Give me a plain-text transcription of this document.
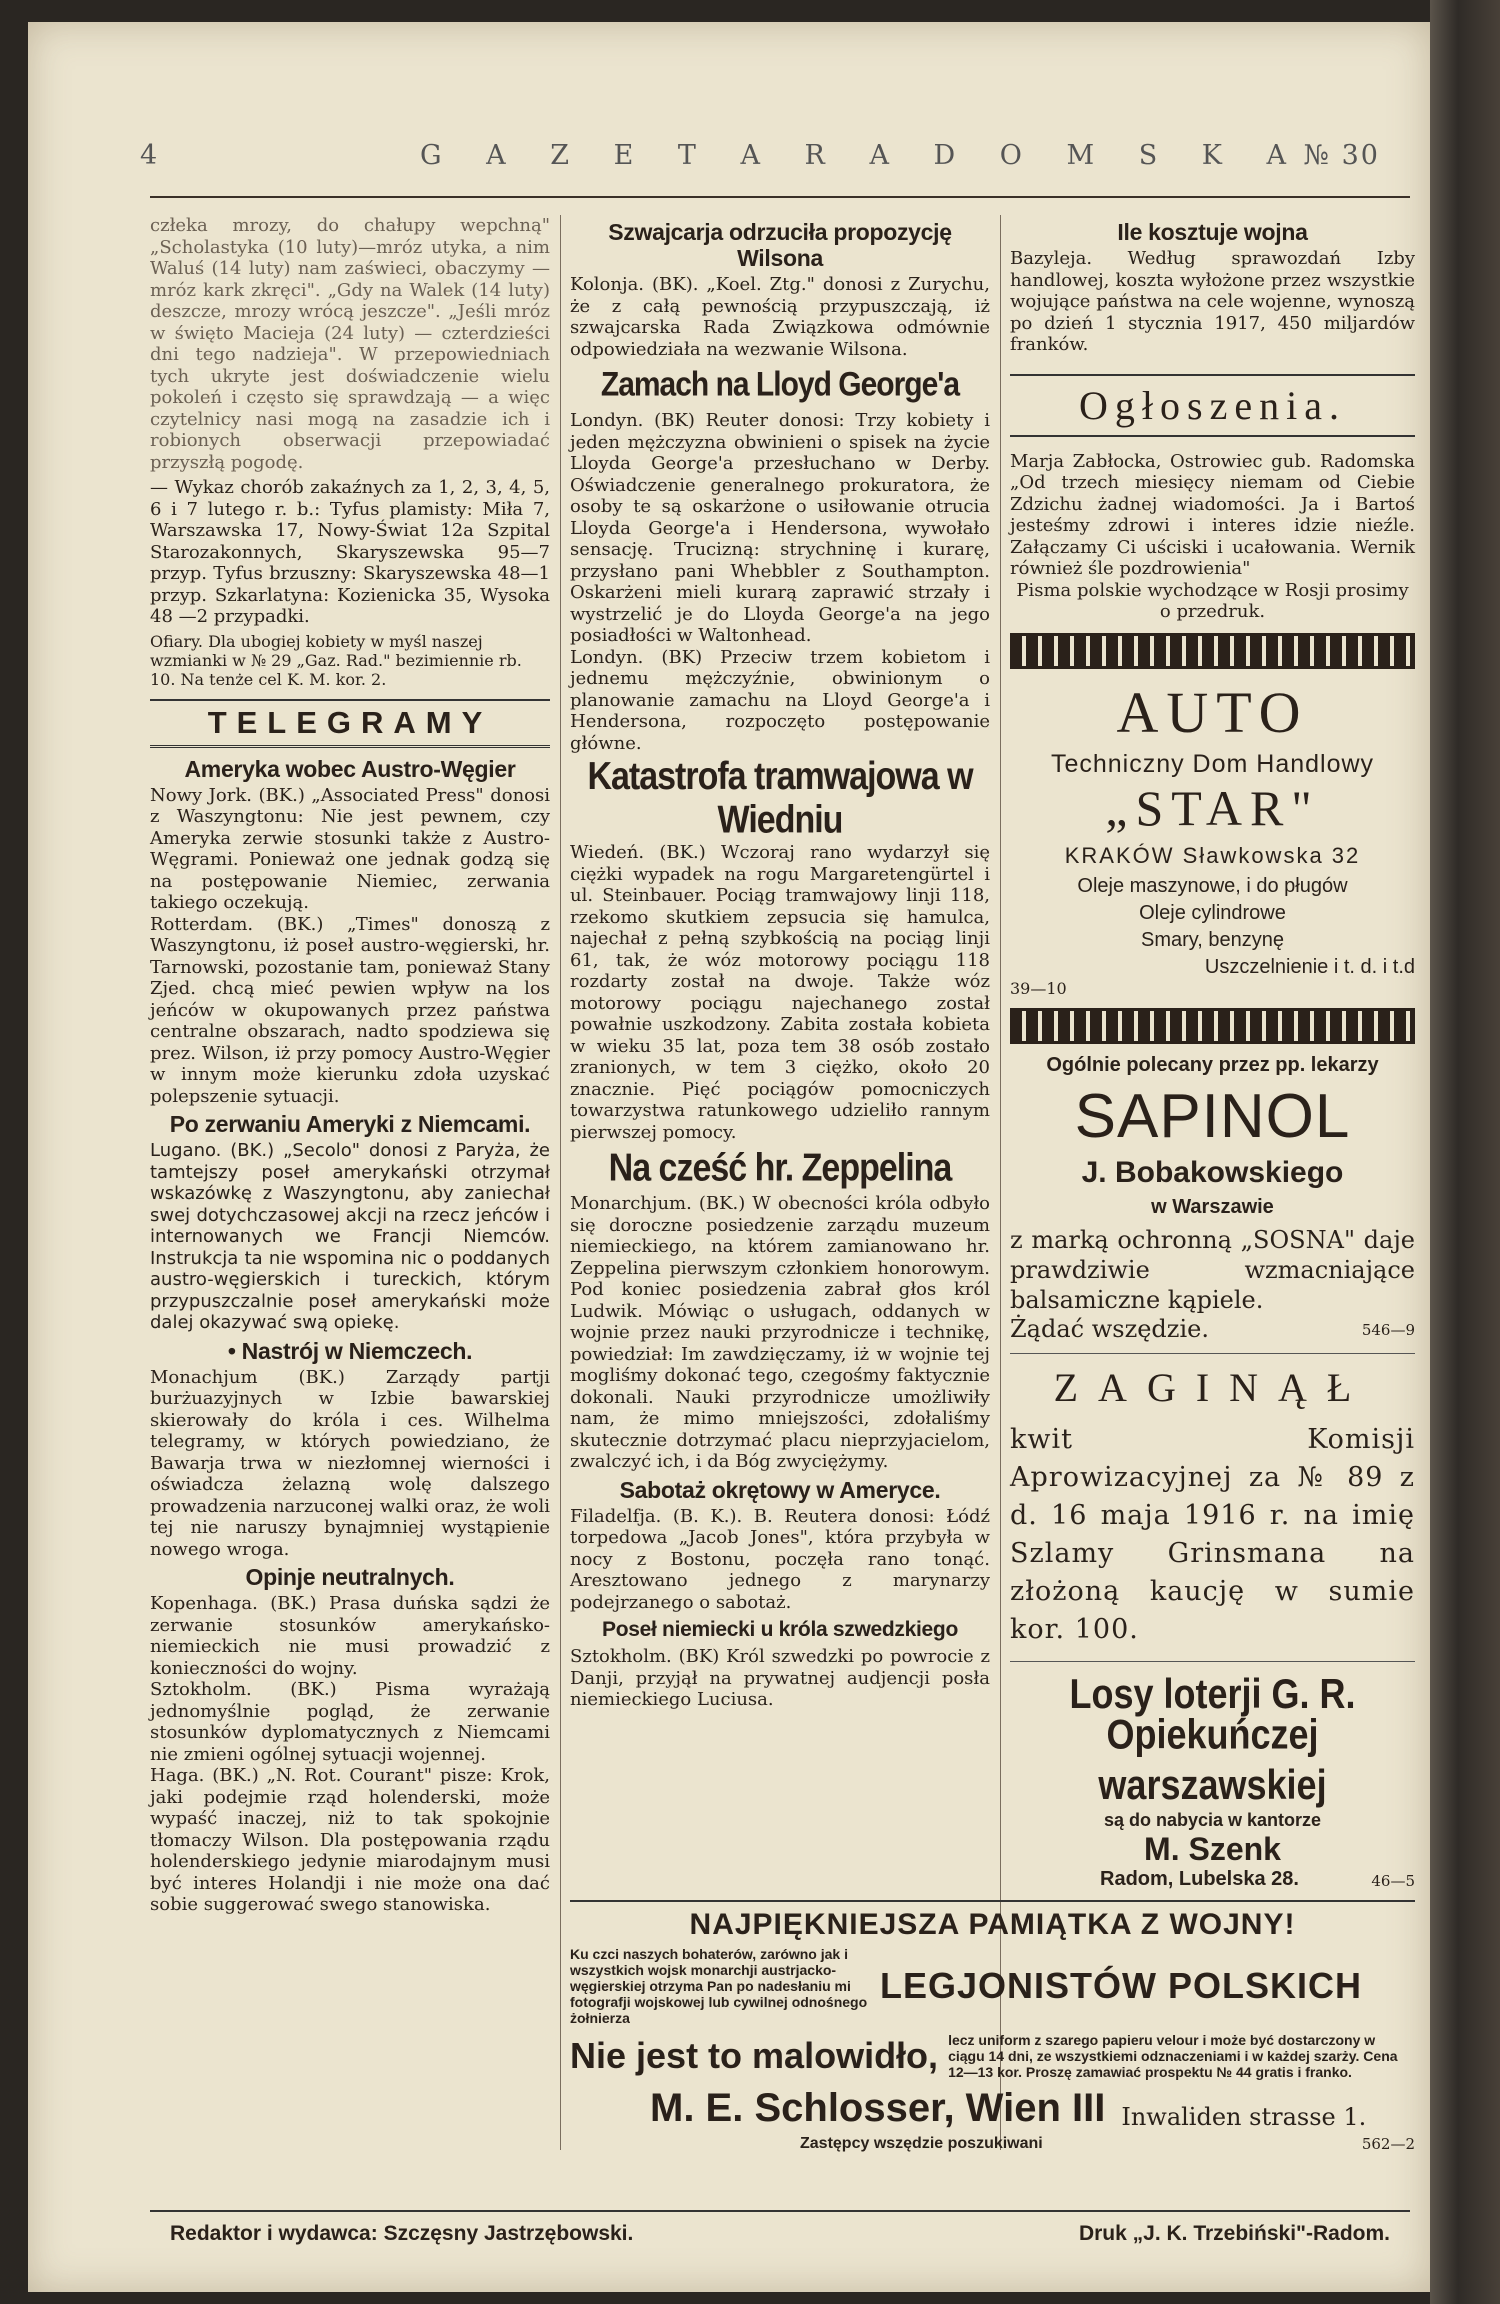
4	G A Z E T A R A D O M S K A № 30

człeka mrozy, do chałupy wepchną" „Scholastyka (10 luty)—mróz utyka, a nim Waluś (14 luty) nam zaświeci, obaczymy — mróz kark zkręci". „Gdy na Walek (14 luty) deszcze, mrozy wrócą jeszcze". „Jeśli mróz w święto Macieja (24 luty) — czterdzieści dni tego nadzieja". W przepowiedniach tych ukryte jest doświadczenie wielu pokoleń i często się sprawdzają — a więc czytelnicy nasi mogą na zasadzie ich i robionych obserwacji przepowiadać przyszłą pogodę.

— Wykaz chorób zakaźnych za 1, 2, 3, 4, 5, 6 i 7 lutego r. b.: Tyfus plamisty: Miła 7, Warszawska 17, Nowy-Świat 12a Szpital Starozakonnych, Skaryszewska 95—7 przyp. Tyfus brzuszny: Skaryszewska 48—1 przyp. Szkarlatyna: Kozienicka 35, Wysoka 48 —2 przypadki.

Ofiary. Dla ubogiej kobiety w myśl naszej wzmianki w № 29 „Gaz. Rad." bezimiennie rb. 10. Na tenże cel K. M. kor. 2.

TELEGRAMY
Ameryka wobec Austro-Węgier

Nowy Jork. (BK.) „Associated Press" donosi z Waszyngtonu: Nie jest pewnem, czy Ameryka zerwie stosunki także z Austro-Węgrami. Ponieważ one jednak godzą się na postępowanie Niemiec, zerwania takiego oczekują.

Rotterdam. (BK.) „Times" donoszą z Waszyngtonu, iż poseł austro-węgierski, hr. Tarnowski, pozostanie tam, ponieważ Stany Zjed. chcą mieć pewien wpływ na los jeńców w okupowanych przez państwa centralne obszarach, nadto spodziewa się prez. Wilson, iż przy pomocy Austro-Węgier w innym może kierunku zdoła uzyskać polepszenie sytuacji.

Po zerwaniu Ameryki z Niemcami.

Lugano. (BK.) „Secolo" donosi z Paryża, że tamtejszy poseł amerykański otrzymał wskazówkę z Waszyngtonu, aby zaniechał swej dotychczasowej akcji na rzecz jeńców i internowanych we Francji Niemców. Instrukcja ta nie wspomina nic o poddanych austro-węgierskich i tureckich, którym przypuszczalnie poseł amerykański może dalej okazywać swą opiekę.

• Nastrój w Niemczech.

Monachjum (BK.) Zarządy partji burżuazyjnych w Izbie bawarskiej skierowały do króla i ces. Wilhelma telegramy, w których powiedziano, że Bawarja trwa w niezłomnej wierności i oświadcza żelazną wolę dalszego prowadzenia narzuconej walki oraz, że woli tej nie naruszy bynajmniej wystąpienie nowego wroga.

Opinje neutralnych.

Kopenhaga. (BK.) Prasa duńska sądzi że zerwanie stosunków amerykańsko-niemieckich nie musi prowadzić z konieczności do wojny.

Sztokholm. (BK.) Pisma wyrażają jednomyślnie pogląd, że zerwanie stosunków dyplomatycznych z Niemcami nie zmieni ogólnej sytuacji wojennej.

Haga. (BK.) „N. Rot. Courant" pisze: Krok, jaki podejmie rząd holenderski, może wypaść inaczej, niż to tak spokojnie tłomaczy Wilson. Dla postępowania rządu holenderskiego jedynie miarodajnym musi być interes Holandji i nie może ona dać sobie suggerować swego stanowiska.

Szwajcarja odrzuciła propozycję Wilsona

Kolonja. (BK). „Koel. Ztg." donosi z Zurychu, że z całą pewnością przypuszczają, iż szwajcarska Rada Związkowa odmównie odpowiedziała na wezwanie Wilsona.

Zamach na Lloyd George'a

Londyn. (BK) Reuter donosi: Trzy kobiety i jeden mężczyzna obwinieni o spisek na życie Lloyda George'a przesłuchano w Derby. Oświadczenie generalnego prokuratora, że osoby te są oskarżone o usiłowanie otrucia Lloyda George'a i Hendersona, wywołało sensację. Trucizną: strychninę i kurarę, przysłano pani Whebbler z Southampton. Oskarżeni mieli kurarą zaprawić strzały i wystrzelić je do Lloyda George'a na jego posiadłości w Waltonhead.

Londyn. (BK) Przeciw trzem kobietom i jednemu mężczyźnie, obwinionym o planowanie zamachu na Lloyd George'a i Hendersona, rozpoczęto postępowanie główne.

Katastrofa tramwajowa w Wiedniu

Wiedeń. (BK.) Wczoraj rano wydarzył się ciężki wypadek na rogu Margaretengürtel i ul. Steinbauer. Pociąg tramwajowy linji 118, rzekomo skutkiem zepsucia się hamulca, najechał z pełną szybkością na pociąg linji 61, tak, że wóz motorowy pociągu 118 rozdarty został na dwoje. Także wóz motorowy pociągu najechanego został powałnie uszkodzony. Zabita została kobieta w wieku 35 lat, poza tem 38 osób zostało zranionych, w tem 3 ciężko, około 20 znacznie. Pięć pociągów pomocniczych towarzystwa ratunkowego udzieliło rannym pierwszej pomocy.

Na cześć hr. Zeppelina

Monarchjum. (BK.) W obecności króla odbyło się doroczne posiedzenie zarządu muzeum niemieckiego, na którem zamianowano hr. Zeppelina pierwszym członkiem honorowym. Pod koniec posiedzenia zabrał głos król Ludwik. Mówiąc o usługach, oddanych w wojnie przez nauki przyrodnicze i technikę, powiedział: Im zawdzięczamy, iż w wojnie tej mogliśmy dokonać tego, czegośmy faktycznie dokonali. Nauki przyrodnicze umożliwiły nam, że mimo mniejszości, zdołaliśmy skutecznie dotrzymać placu nieprzyjacielom, zwalczyć ich, i da Bóg zwyciężymy.

Sabotaż okrętowy w Ameryce.

Filadelfja. (B. K.). B. Reutera donosi: Łódź torpedowa „Jacob Jones", która przybyła w nocy z Bostonu, poczęła rano tonąć. Aresztowano jednego z marynarzy podejrzanego o sabotaż.

Poseł niemiecki u króla szwedzkiego

Sztokholm. (BK) Król szwedzki po powrocie z Danji, przyjął na prywatnej audjencji posła niemieckiego Luciusa.

Ile kosztuje wojna

Bazyleja. Według sprawozdań Izby handlowej, koszta wyłożone przez wszystkie wojujące państwa na cele wojenne, wynoszą po dzień 1 stycznia 1917, 450 miljardów franków.

Ogłoszenia.

Marja Zabłocka, Ostrowiec gub. Radomska „Od trzech miesięcy niemam od Ciebie Zdzichu żadnej wiadomości. Ja i Bartoś jesteśmy zdrowi i interes idzie nieźle. Załączamy Ci uściski i ucałowania. Wernik również śle pozdrowienia"

Pisma polskie wychodzące w Rosji prosimy o przedruk.

AUTO
Techniczny Dom Handlowy
„STAR"
KRAKÓW Sławkowska 32
Oleje maszynowe, i do pługów
Oleje cylindrowe
Smary, benzynę
Uszczelnienie i t. d. i t.d
39—10
Ogólnie polecany przez pp. lekarzy
SAPINOL
J. Bobakowskiego
w Warszawie

z marką ochronną „SOSNA" daje prawdziwie wzmacniające balsamiczne kąpiele.

Żądać wszędzie.	546—9
ZAGINĄŁ

kwit Komisji Aprowizacyjnej za № 89 z d. 16 maja 1916 r. na imię Szlamy Grinsmana na złożoną kaucję w sumie kor. 100.

Losy loterji G. R.
Opiekuńczej warszawskiej
są do nabycia w kantorze
M. Szenk
Radom, Lubelska 28.	46—5
NAJPIĘKNIEJSZA PAMIĄTKA Z WOJNY!

Ku czci naszych bohaterów, zarówno jak i wszystkich wojsk monarchji austrjacko-węgierskiej otrzyma Pan po nadesłaniu mi fotografji wojskowej lub cywilnej odnośnego żołnierza

LEGJONISTÓW POLSKICH
Nie jest to malowidło, lecz uniform z szarego papieru velour i może być dostarczony w ciągu 14 dni, ze wszystkiemi odznaczeniami i w każdej szarży. Cena 12—13 kor. Proszę zamawiać prospektu № 44 gratis i franko.

M. E. Schlosser, Wien III Inwaliden strasse 1.
Zastępcy wszędzie poszukiwani	562—2
Redaktor i wydawca: Szczęsny Jastrzębowski.	Druk „J. K. Trzebiński"-Radom.
